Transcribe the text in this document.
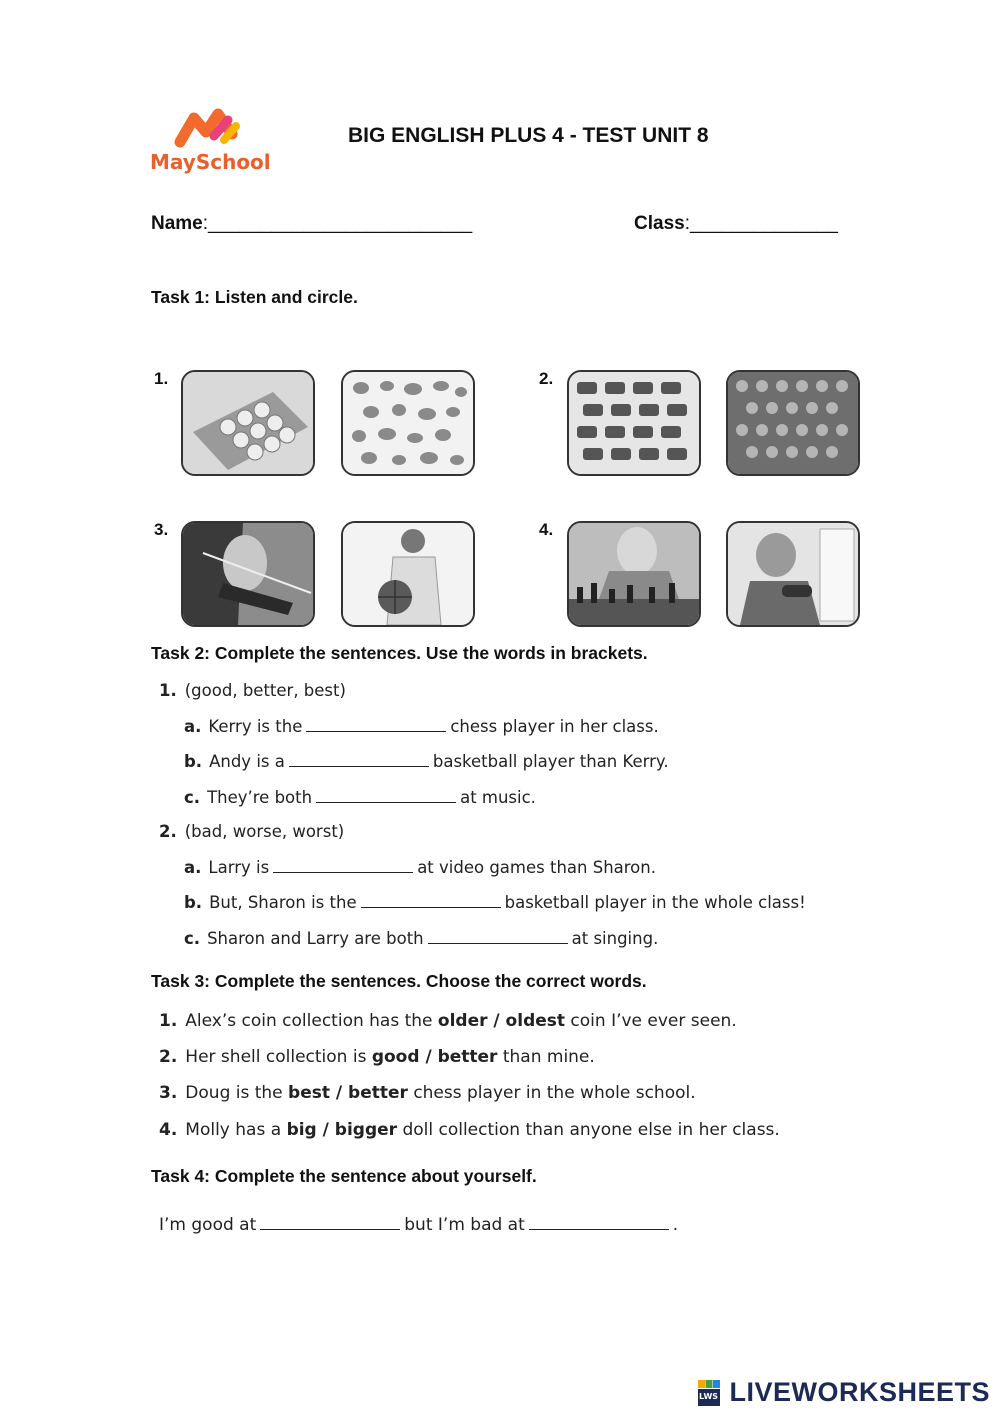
MaySchool
BIG ENGLISH PLUS 4 - TEST UNIT 8
Name:_________________________	Class:______________
Task 1: Listen and circle.
1.	2.
3.	4.
Task 2: Complete the sentences. Use the words in brackets.
1. (good, better, best)
a. Kerry is the	chess player in her class.
b. Andy is a	basketball player than Kerry.
c. They’re both	at music.
2. (bad, worse, worst)
a. Larry is	at video games than Sharon.
b. But, Sharon is the	basketball player in the whole class!
c. Sharon and Larry are both	at singing.
Task 3: Complete the sentences. Choose the correct words.
1. Alex’s coin collection has the older / oldest coin I’ve ever seen.
2. Her shell collection is good / better than mine.
3. Doug is the best / better chess player in the whole school.
4. Molly has a big / bigger doll collection than anyone else in her class.
Task 4: Complete the sentence about yourself.
I’m good at	but I’m bad at	.
LWS LIVEWORKSHEETS
